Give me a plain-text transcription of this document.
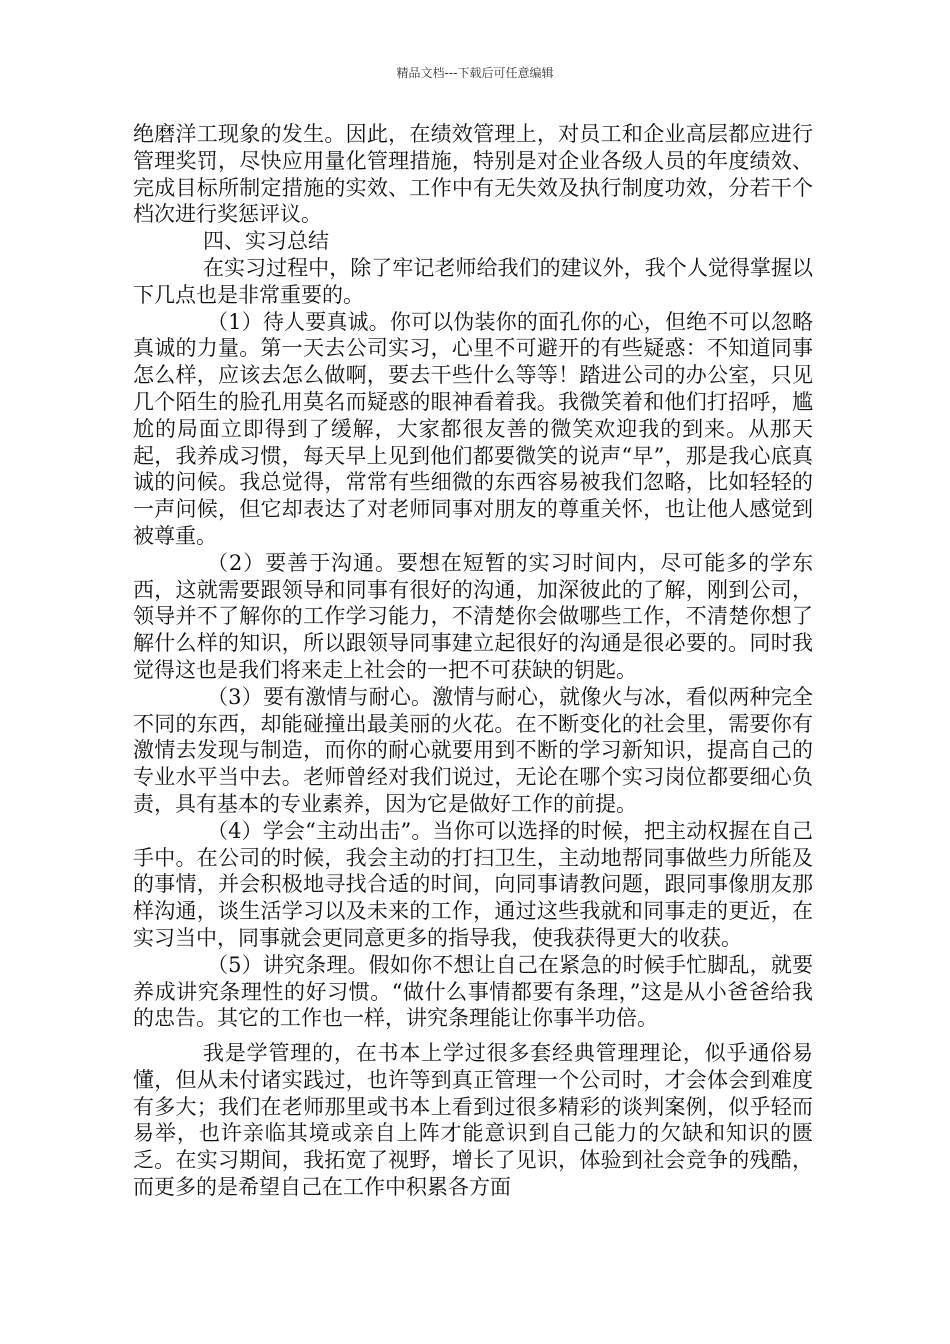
精品文档---下载后可任意编辑

绝磨洋工现象的发生。因此，在绩效管理上，对员工和企业高层都应进行管理奖罚，尽快应用量化管理措施，特别是对企业各级人员的年度绩效、完成目标所制定措施的实效、工作中有无失效及执行制度功效，分若干个档次进行奖惩评议。

四、实习总结

在实习过程中，除了牢记老师给我们的建议外，我个人觉得掌握以下几点也是非常重要的。

（1）待人要真诚。你可以伪装你的面孔你的心，但绝不可以忽略真诚的力量。第一天去公司实习，心里不可避开的有些疑惑：不知道同事怎么样，应该去怎么做啊，要去干些什么等等！踏进公司的办公室，只见几个陌生的脸孔用莫名而疑惑的眼神看着我。我微笑着和他们打招呼，尴尬的局面立即得到了缓解，大家都很友善的微笑欢迎我的到来。从那天起，我养成习惯，每天早上见到他们都要微笑的说声“早”，那是我心底真诚的问候。我总觉得，常常有些细微的东西容易被我们忽略，比如轻轻的一声问候，但它却表达了对老师同事对朋友的尊重关怀，也让他人感觉到被尊重。

（2）要善于沟通。要想在短暂的实习时间内，尽可能多的学东西，这就需要跟领导和同事有很好的沟通，加深彼此的了解，刚到公司，领导并不了解你的工作学习能力，不清楚你会做哪些工作，不清楚你想了解什么样的知识，所以跟领导同事建立起很好的沟通是很必要的。同时我觉得这也是我们将来走上社会的一把不可获缺的钥匙。

（3）要有激情与耐心。激情与耐心，就像火与冰，看似两种完全不同的东西，却能碰撞出最美丽的火花。在不断变化的社会里，需要你有激情去发现与制造，而你的耐心就要用到不断的学习新知识，提高自己的专业水平当中去。老师曾经对我们说过，无论在哪个实习岗位都要细心负责，具有基本的专业素养，因为它是做好工作的前提。

（4）学会“主动出击”。当你可以选择的时候，把主动权握在自己手中。在公司的时候，我会主动的打扫卫生，主动地帮同事做些力所能及的事情，并会积极地寻找合适的时间，向同事请教问题，跟同事像朋友那样沟通，谈生活学习以及未来的工作，通过这些我就和同事走的更近，在实习当中，同事就会更同意更多的指导我，使我获得更大的收获。

（5）讲究条理。假如你不想让自己在紧急的时候手忙脚乱，就要养成讲究条理性的好习惯。“做什么事情都要有条理，”这是从小爸爸给我的忠告。其它的工作也一样，讲究条理能让你事半功倍。

我是学管理的，在书本上学过很多套经典管理理论，似乎通俗易懂，但从未付诸实践过，也许等到真正管理一个公司时，才会体会到难度有多大；我们在老师那里或书本上看到过很多精彩的谈判案例，似乎轻而易举，也许亲临其境或亲自上阵才能意识到自己能力的欠缺和知识的匮乏。在实习期间，我拓宽了视野，增长了见识，体验到社会竞争的残酷，而更多的是希望自己在工作中积累各方面
